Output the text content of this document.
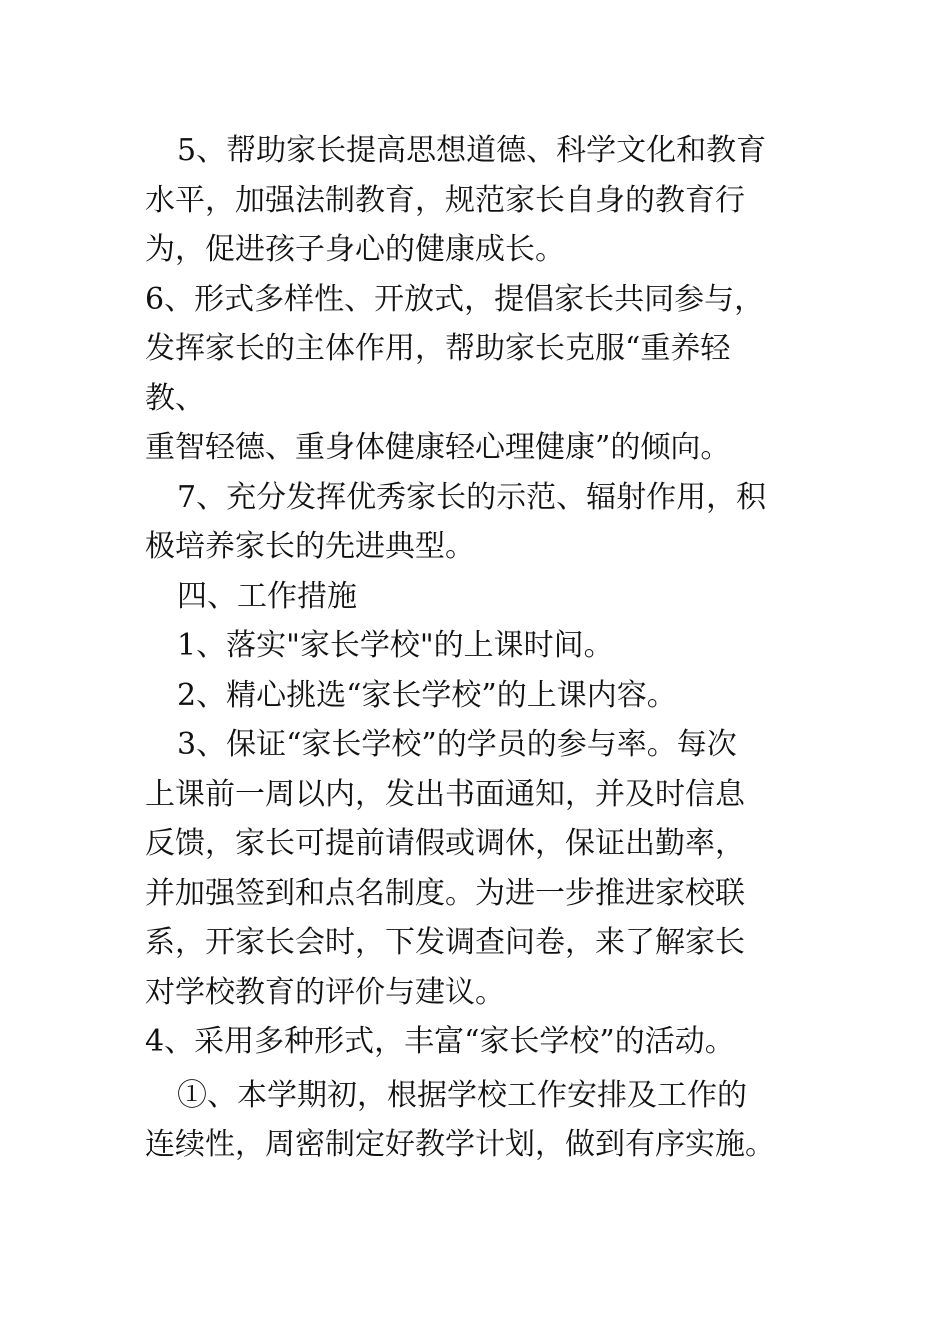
5、帮助家长提高思想道德、科学文化和教育
水平，加强法制教育，规范家长自身的教育行
为，促进孩子身心的健康成长。
6、形式多样性、开放式，提倡家长共同参与，
发挥家长的主体作用，帮助家长克服“重养轻
教、
重智轻德、重身体健康轻心理健康”的倾向。
7、充分发挥优秀家长的示范、辐射作用，积
极培养家长的先进典型。
四、工作措施
1、落实"家长学校"的上课时间。
2、精心挑选“家长学校”的上课内容。
3、保证“家长学校”的学员的参与率。每次
上课前一周以内，发出书面通知，并及时信息
反馈，家长可提前请假或调休，保证出勤率，
并加强签到和点名制度。为进一步推进家校联
系，开家长会时，下发调查问卷，来了解家长
对学校教育的评价与建议。
4、采用多种形式，丰富“家长学校”的活动。
①、本学期初，根据学校工作安排及工作的
连续性，周密制定好教学计划，做到有序实施。
